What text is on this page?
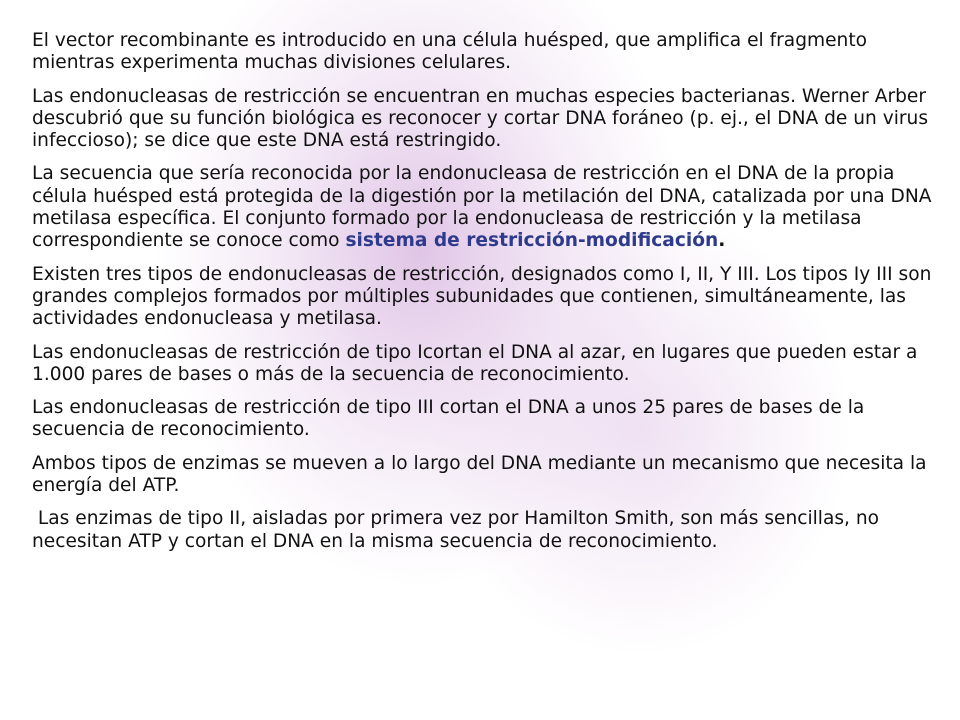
El vector recombinante es introducido en una célula huésped, que amplifica el fragmento mientras experimenta muchas divisiones celulares.

Las endonucleasas de restricción se encuentran en muchas especies bacterianas. Werner Arber descubrió que su función biológica es reconocer y cortar DNA foráneo (p. ej., el DNA de un virus infeccioso); se dice que este DNA está restringido.

La secuencia que sería reconocida por la endonucleasa de restricción en el DNA de la propia célula huésped está protegida de la digestión por la metilación del DNA, catalizada por una DNA metilasa específica. El conjunto formado por la endonucleasa de restricción y la metilasa correspondiente se conoce como sistema de restricción-modificación.

Existen tres tipos de endonucleasas de restricción, designados como I, II, Y III. Los tipos Iy III son grandes complejos formados por múltiples subunidades que contienen, simultáneamente, las actividades endonucleasa y metilasa.

Las endonucleasas de restricción de tipo Icortan el DNA al azar, en lugares que pueden estar a 1.000 pares de bases o más de la secuencia de reconocimiento.

Las endonucleasas de restricción de tipo III cortan el DNA a unos 25 pares de bases de la secuencia de reconocimiento.

Ambos tipos de enzimas se mueven a lo largo del DNA mediante un mecanismo que necesita la energía del ATP.

Las enzimas de tipo II, aisladas por primera vez por Hamilton Smith, son más sencillas, no necesitan ATP y cortan el DNA en la misma secuencia de reconocimiento.
